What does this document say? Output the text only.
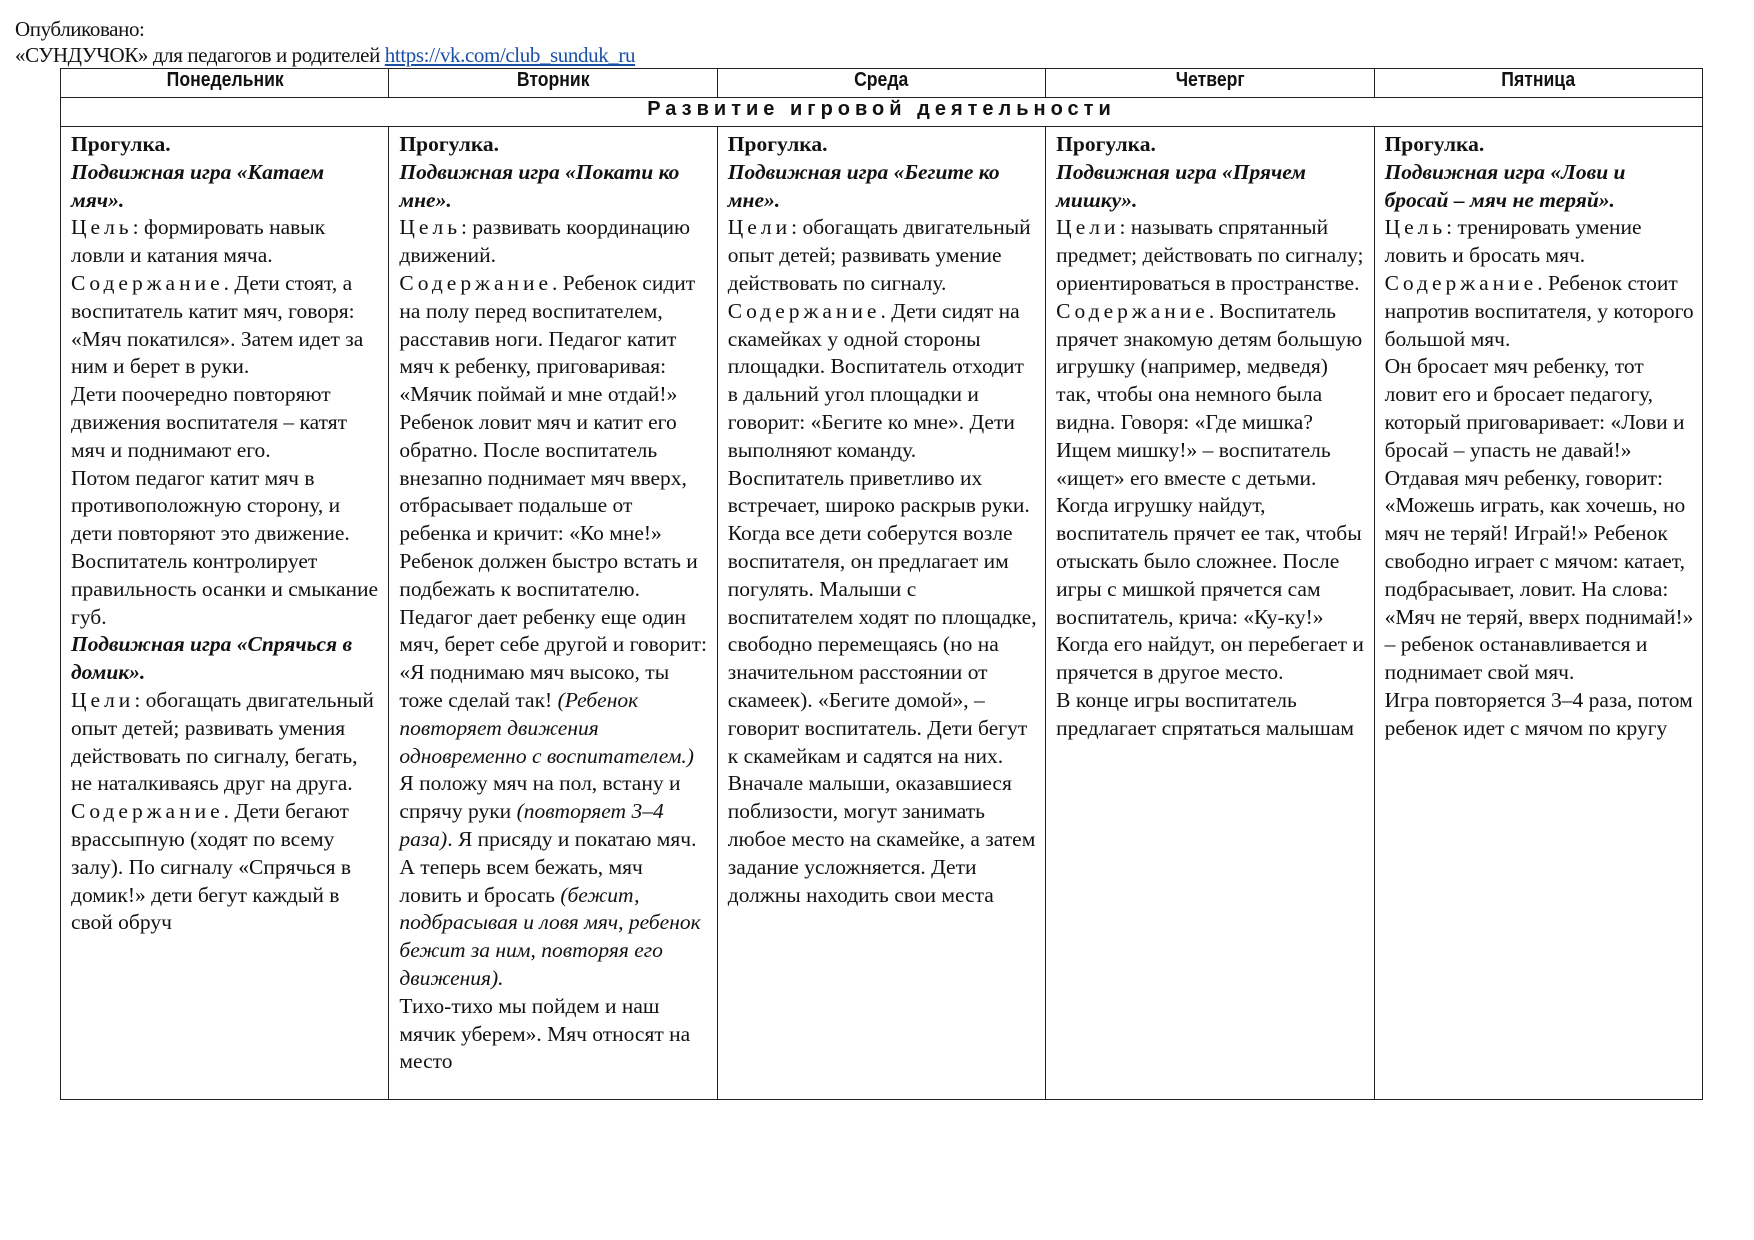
Опубликовано:
«СУНДУЧОК» для педагогов и родителей https://vk.com/club_sunduk_ru
Понедельник	Вторник	Среда	Четверг	Пятница
Развитие игровой деятельности				

Прогулка.
Подвижная игра «Катаем мяч».
Цель: формировать навык ловли и катания мяча.
Содержание. Дети стоят, а воспитатель катит мяч, говоря: «Мяч покатился». Затем идет за ним и берет в руки.
Дети поочередно повторяют движения воспитателя – катят мяч и поднимают его.
Потом педагог катит мяч в противоположную сторону, и дети повторяют это движение.
Воспитатель контролирует правильность осанки и смыкание губ.
Подвижная игра «Спрячься в домик».
Цели: обогащать двигательный опыт детей; развивать умения действовать по сигналу, бегать, не наталкиваясь друг на друга.
Содержание. Дети бегают врассыпную (ходят по всему залу). По сигналу «Спрячься в домик!» дети бегут каждый в свой обруч

Прогулка.
Подвижная игра «Покати ко мне».
Цель: развивать координацию движений.
Содержание. Ребенок сидит на полу перед воспитателем, расставив ноги. Педагог катит мяч к ребенку, приговаривая: «Мячик поймай и мне отдай!» Ребенок ловит мяч и катит его обратно. После воспитатель внезапно поднимает мяч вверх, отбрасывает подальше от ребенка и кричит: «Ко мне!» Ребенок должен быстро встать и подбежать к воспитателю. Педагог дает ребенку еще один мяч, берет себе другой и говорит: «Я поднимаю мяч высоко, ты тоже сделай так! (Ребенок повторяет движения одновременно с воспитателем.)
Я положу мяч на пол, встану и спрячу руки (повторяет 3–4 раза). Я присяду и покатаю мяч. А теперь всем бежать, мяч ловить и бросать (бежит, подбрасывая и ловя мяч, ребенок бежит за ним, повторяя его движения).
Тихо-тихо мы пойдем и наш мячик уберем». Мяч относят на место

Прогулка.
Подвижная игра «Бегите ко мне».
Цели: обогащать двигательный опыт детей; развивать умение действовать по сигналу.
Содержание. Дети сидят на скамейках у одной стороны площадки. Воспитатель отходит в дальний угол площадки и говорит: «Бегите ко мне». Дети выполняют команду. Воспитатель приветливо их встречает, широко раскрыв руки. Когда все дети соберутся возле воспитателя, он предлагает им погулять. Малыши с воспитателем ходят по площадке, свободно перемещаясь (но на значительном расстоянии от скамеек). «Бегите домой», – говорит воспитатель. Дети бегут к скамейкам и садятся на них. Вначале малыши, оказавшиеся поблизости, могут занимать любое место на скамейке, а затем задание усложняется. Дети должны находить свои места

Прогулка.
Подвижная игра «Прячем мишку».
Цели: называть спрятанный предмет; действовать по сигналу; ориентироваться в пространстве.
Содержание. Воспитатель прячет знакомую детям большую игрушку (например, медведя) так, чтобы она немного была видна. Говоря: «Где мишка? Ищем мишку!» – воспитатель «ищет» его вместе с детьми.
Когда игрушку найдут, воспитатель прячет ее так, чтобы отыскать было сложнее. После игры с мишкой прячется сам воспитатель, крича: «Ку-ку!» Когда его найдут, он перебегает и прячется в другое место.
В конце игры воспитатель предлагает спрятаться малышам

Прогулка.
Подвижная игра «Лови и бросай – мяч не теряй».
Цель: тренировать умение ловить и бросать мяч.
Содержание. Ребенок стоит напротив воспитателя, у которого большой мяч.
Он бросает мяч ребенку, тот ловит его и бросает педагогу, который приговаривает: «Лови и бросай – упасть не давай!» Отдавая мяч ребенку, говорит: «Можешь играть, как хочешь, но мяч не теряй! Играй!» Ребенок свободно играет с мячом: катает, подбрасывает, ловит. На слова: «Мяч не теряй, вверх поднимай!» – ребенок останавливается и поднимает свой мяч.
Игра повторяется 3–4 раза, потом ребенок идет с мячом по кругу
